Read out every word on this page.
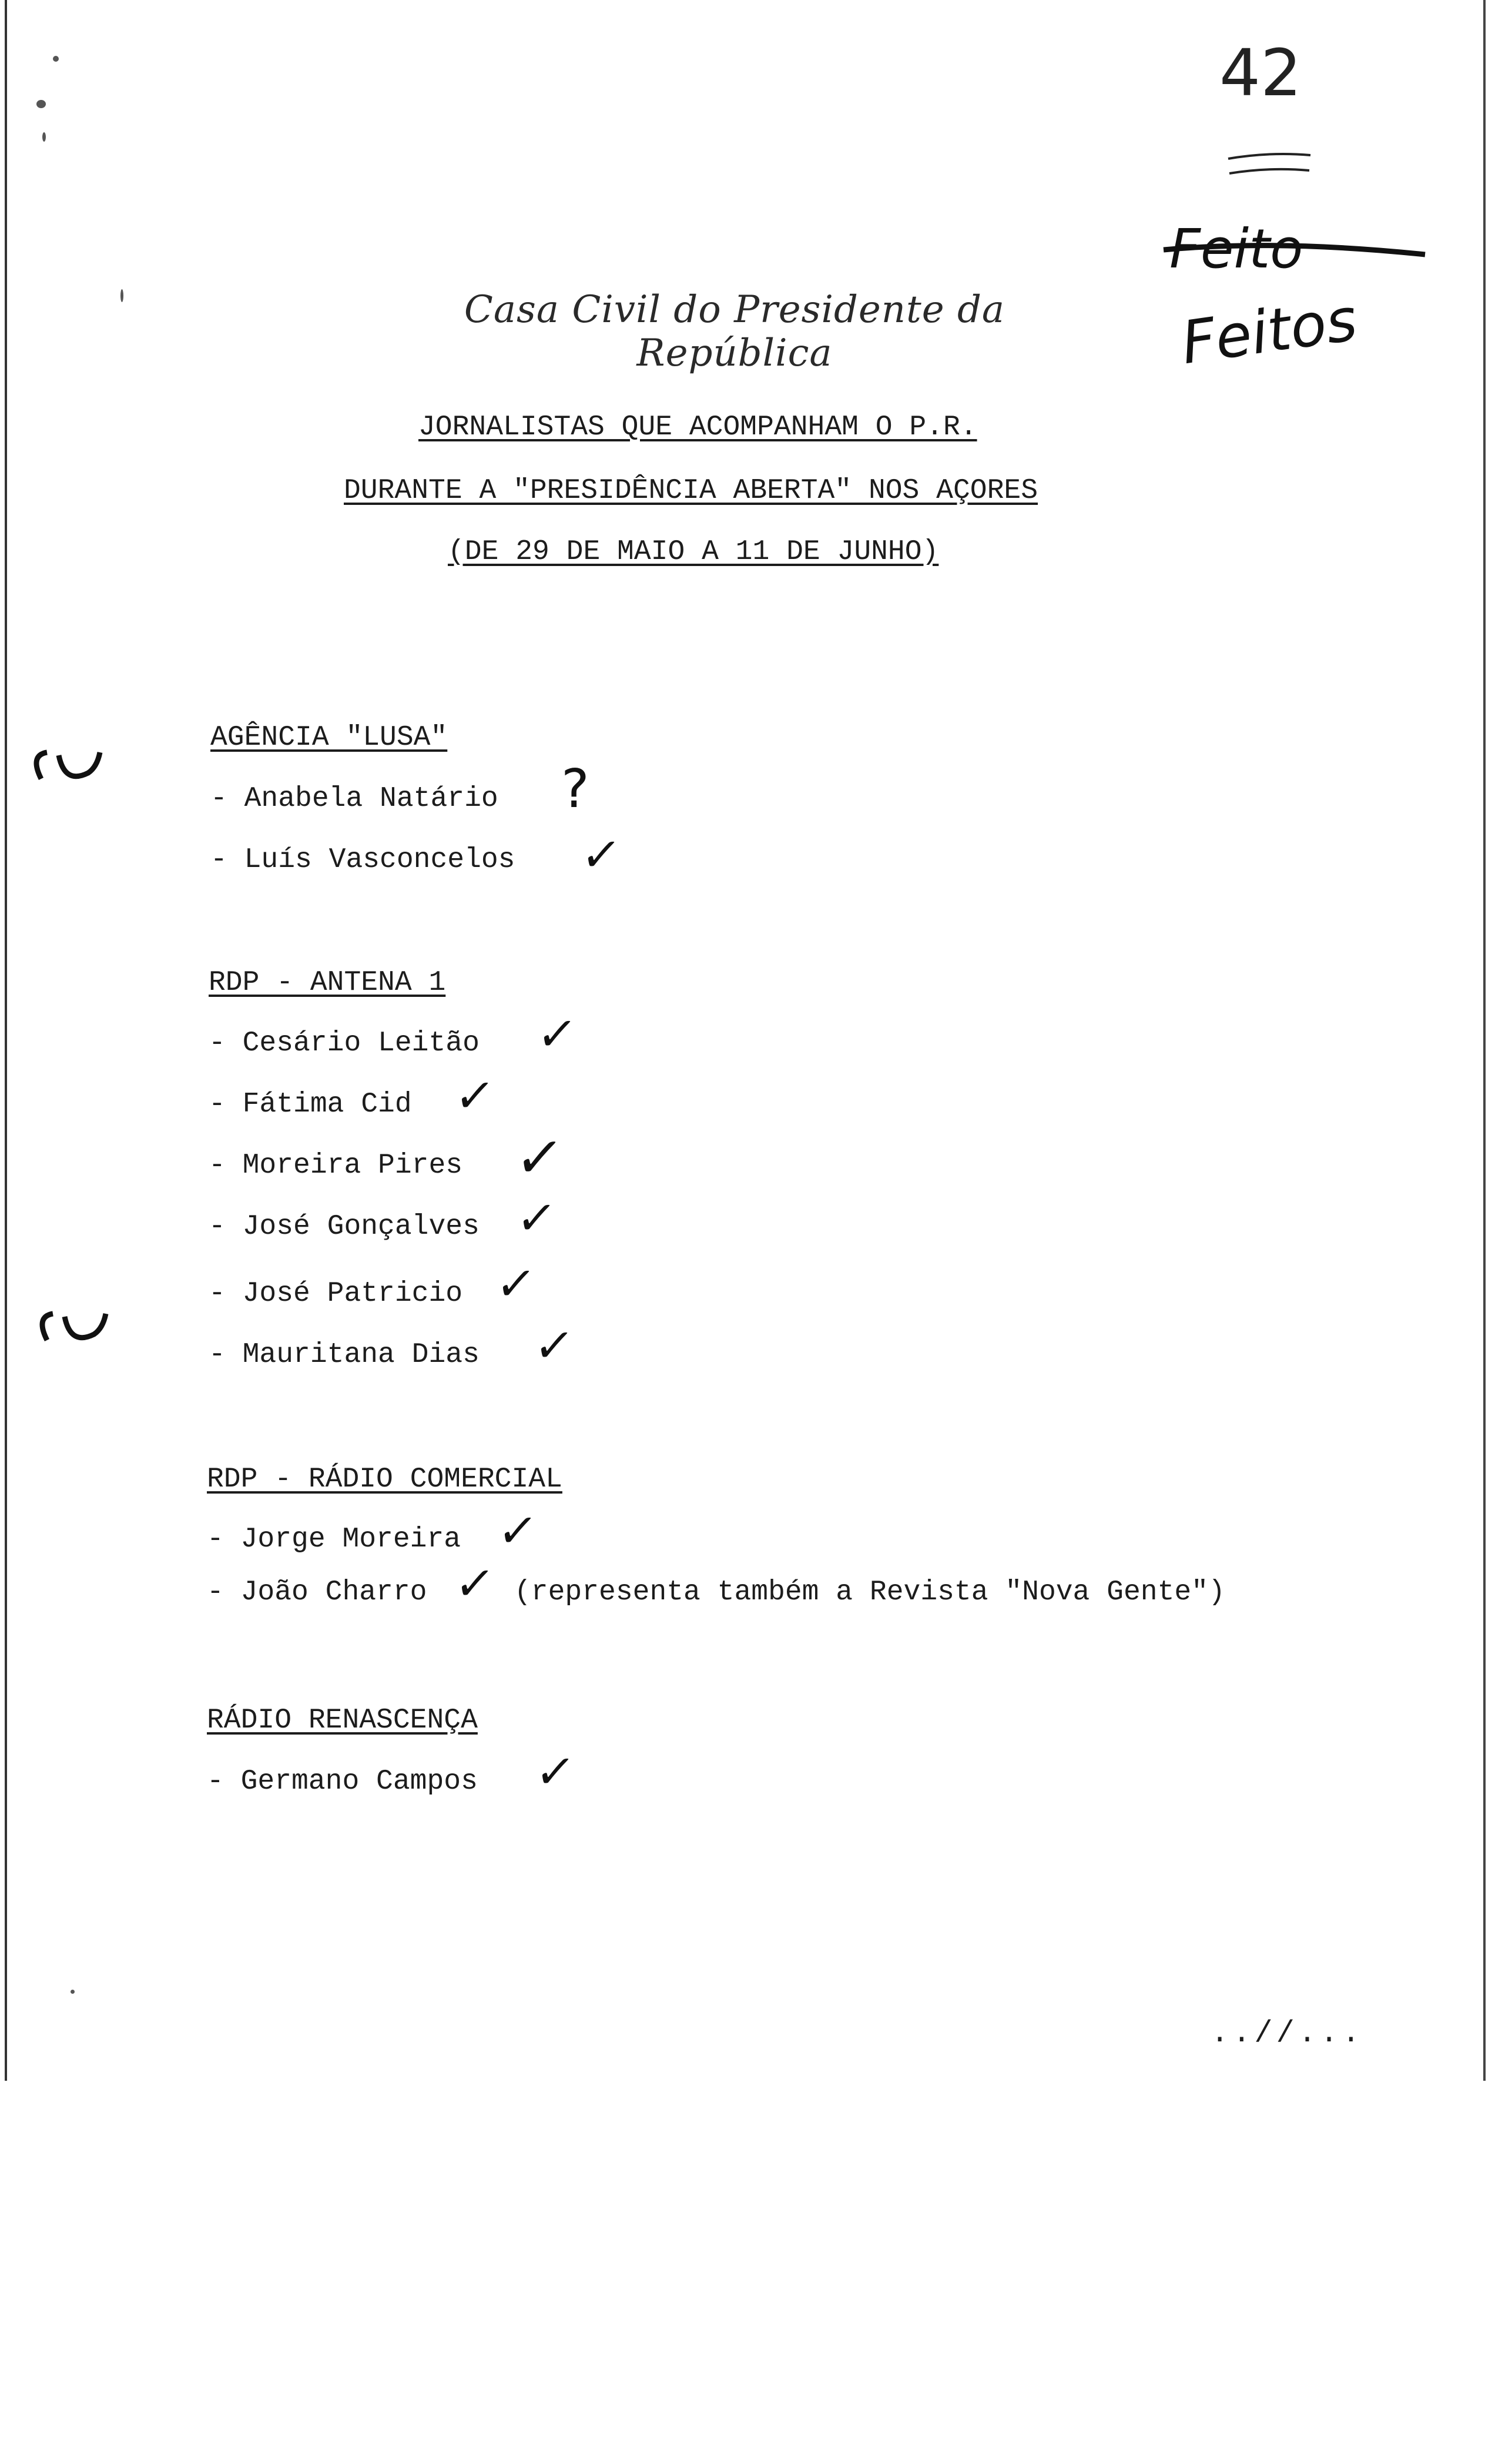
42
Feito
Feitos
Casa Civil do Presidente da República
JORNALISTAS QUE ACOMPANHAM O P.R.
DURANTE A "PRESIDÊNCIA ABERTA" NOS AÇORES
(DE 29 DE MAIO A 11 DE JUNHO)
AGÊNCIA "LUSA"
- Anabela Natário ?
- Luís Vasconcelos ✓
RDP - ANTENA 1
- Cesário Leitão ✓
- Fátima Cid ✓
- Moreira Pires ✓
- José Gonçalves ✓
- José Patricio ✓
- Mauritana Dias ✓
RDP - RÁDIO COMERCIAL
- Jorge Moreira ✓
- João Charro ✓ (representa também a Revista "Nova Gente")
RÁDIO RENASCENÇA
- Germano Campos ✓
..//...
